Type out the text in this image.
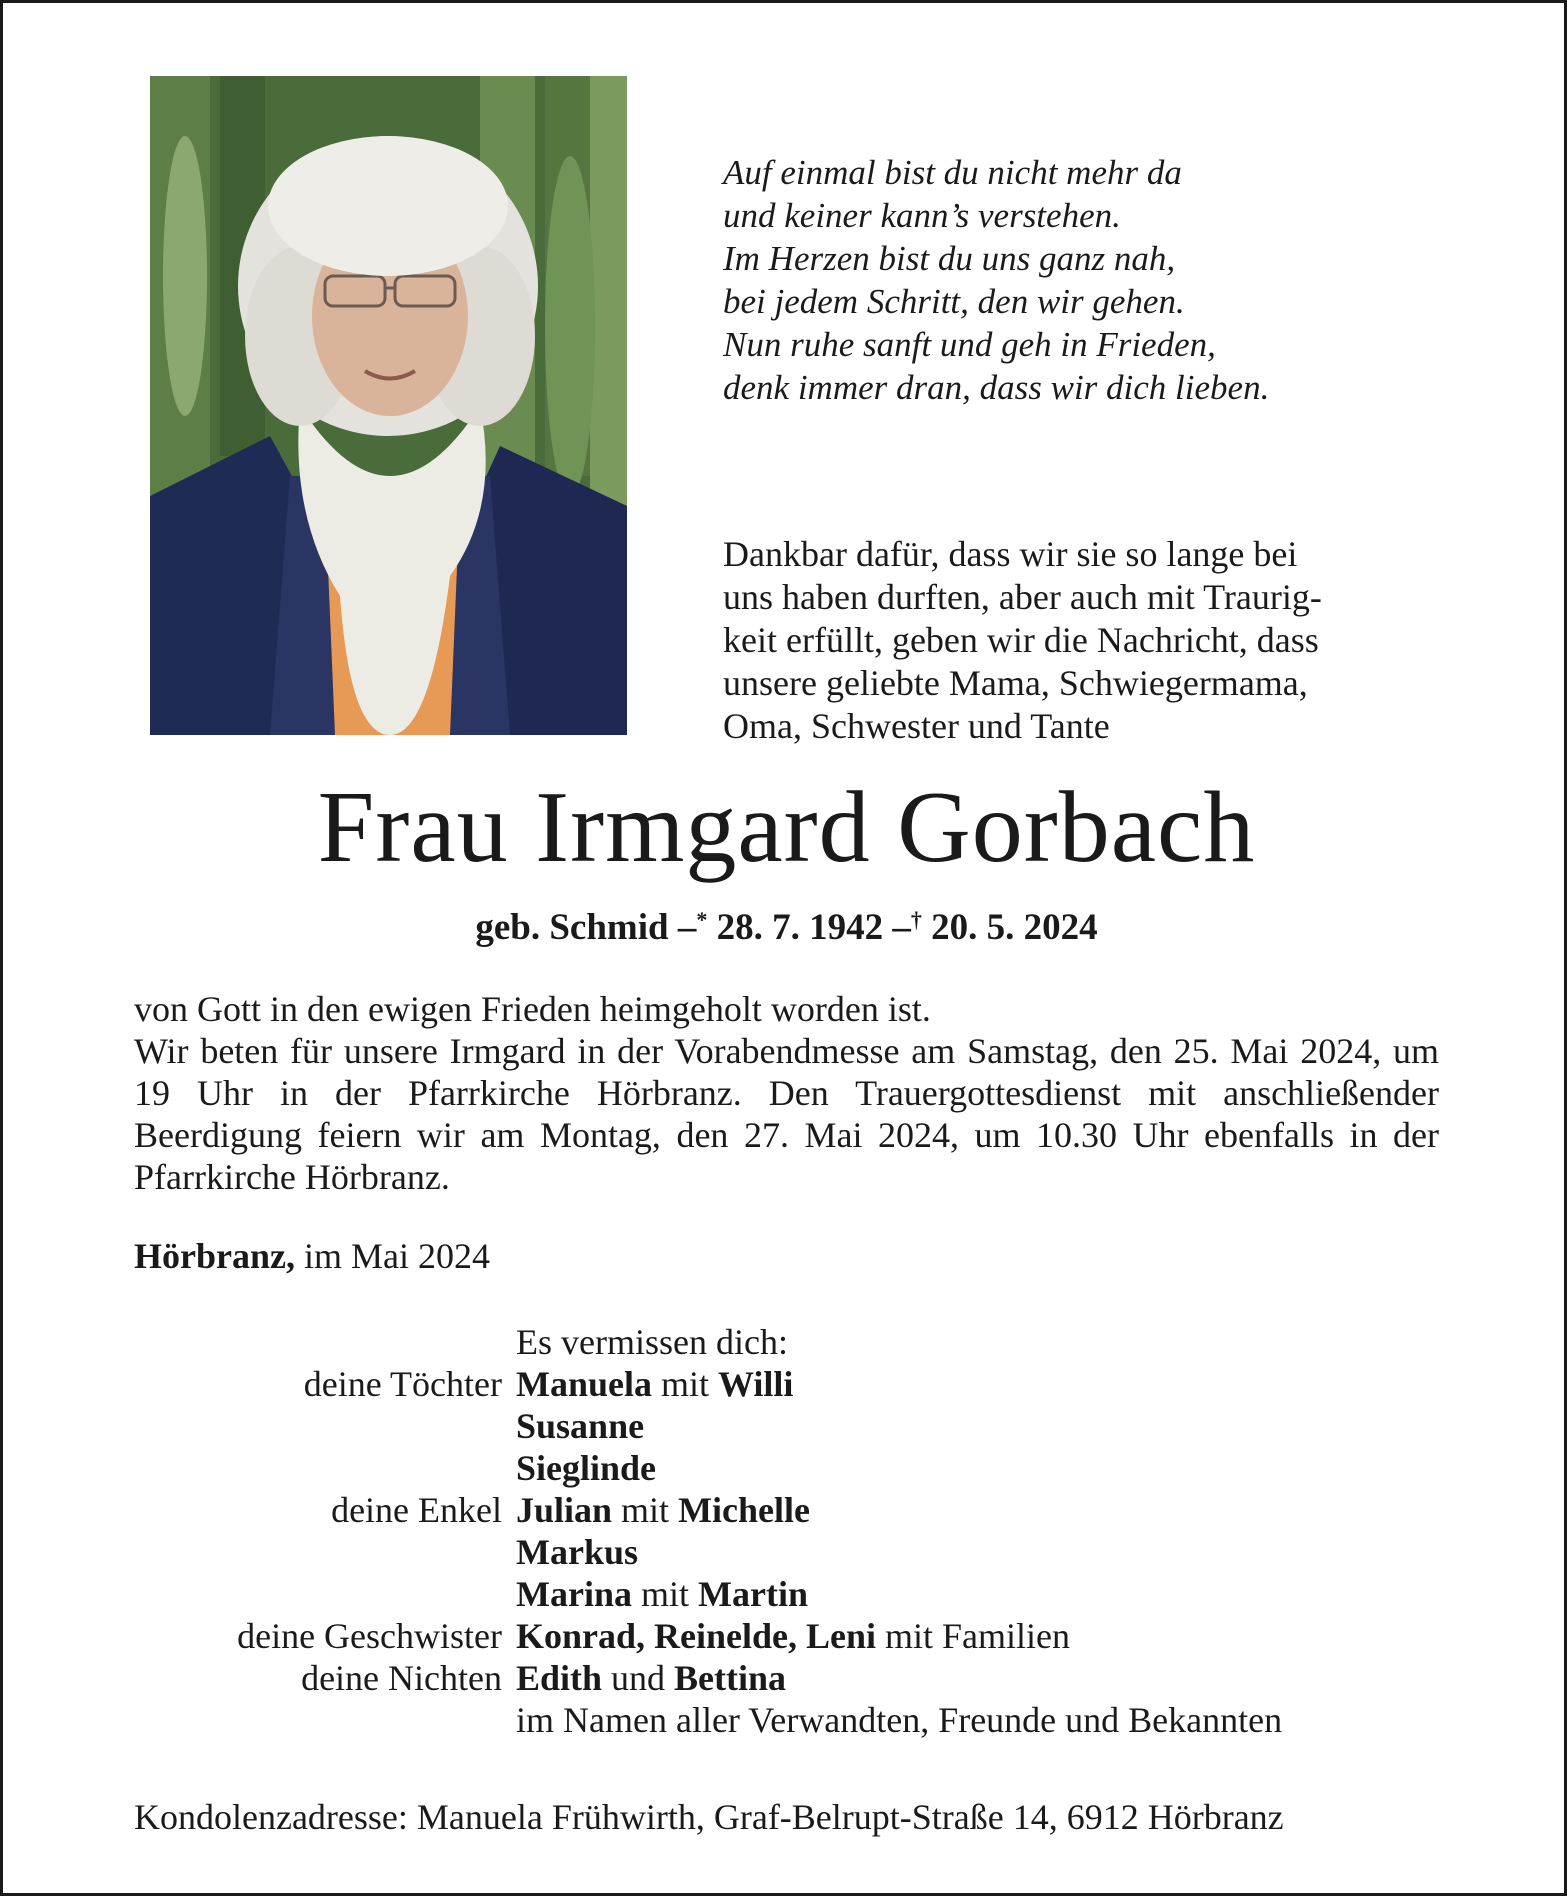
Auf einmal bist du nicht mehr da
und keiner kann’s verstehen.
Im Herzen bist du uns ganz nah,
bei jedem Schritt, den wir gehen.
Nun ruhe sanft und geh in Frieden,
denk immer dran, dass wir dich lieben.
Dankbar dafür, dass wir sie so lange bei
uns haben durften, aber auch mit Traurig-
keit erfüllt, geben wir die Nachricht, dass
unsere geliebte Mama, Schwiegermama,
Oma, Schwester und Tante
Frau Irmgard Gorbach
geb. Schmid –* 28. 7. 1942 –† 20. 5. 2024
von Gott in den ewigen Frieden heimgeholt worden ist.
Wir beten für unsere Irmgard in der Vorabendmesse am Samstag, den 25. Mai 2024, um 19 Uhr in der Pfarrkirche Hörbranz. Den Trauergottesdienst mit anschließender Beerdigung feiern wir am Montag, den 27. Mai 2024, um 10.30 Uhr ebenfalls in der Pfarrkirche Hörbranz.
Hörbranz, im Mai 2024
Es vermissen dich:
deine Töchter Manuela mit Willi
Susanne
Sieglinde
deine Enkel Julian mit Michelle
Markus
Marina mit Martin
deine Geschwister Konrad, Reinelde, Leni mit Familien
deine Nichten Edith und Bettina
im Namen aller Verwandten, Freunde und Bekannten
Kondolenzadresse: Manuela Frühwirth, Graf-Belrupt-Straße 14, 6912 Hörbranz
